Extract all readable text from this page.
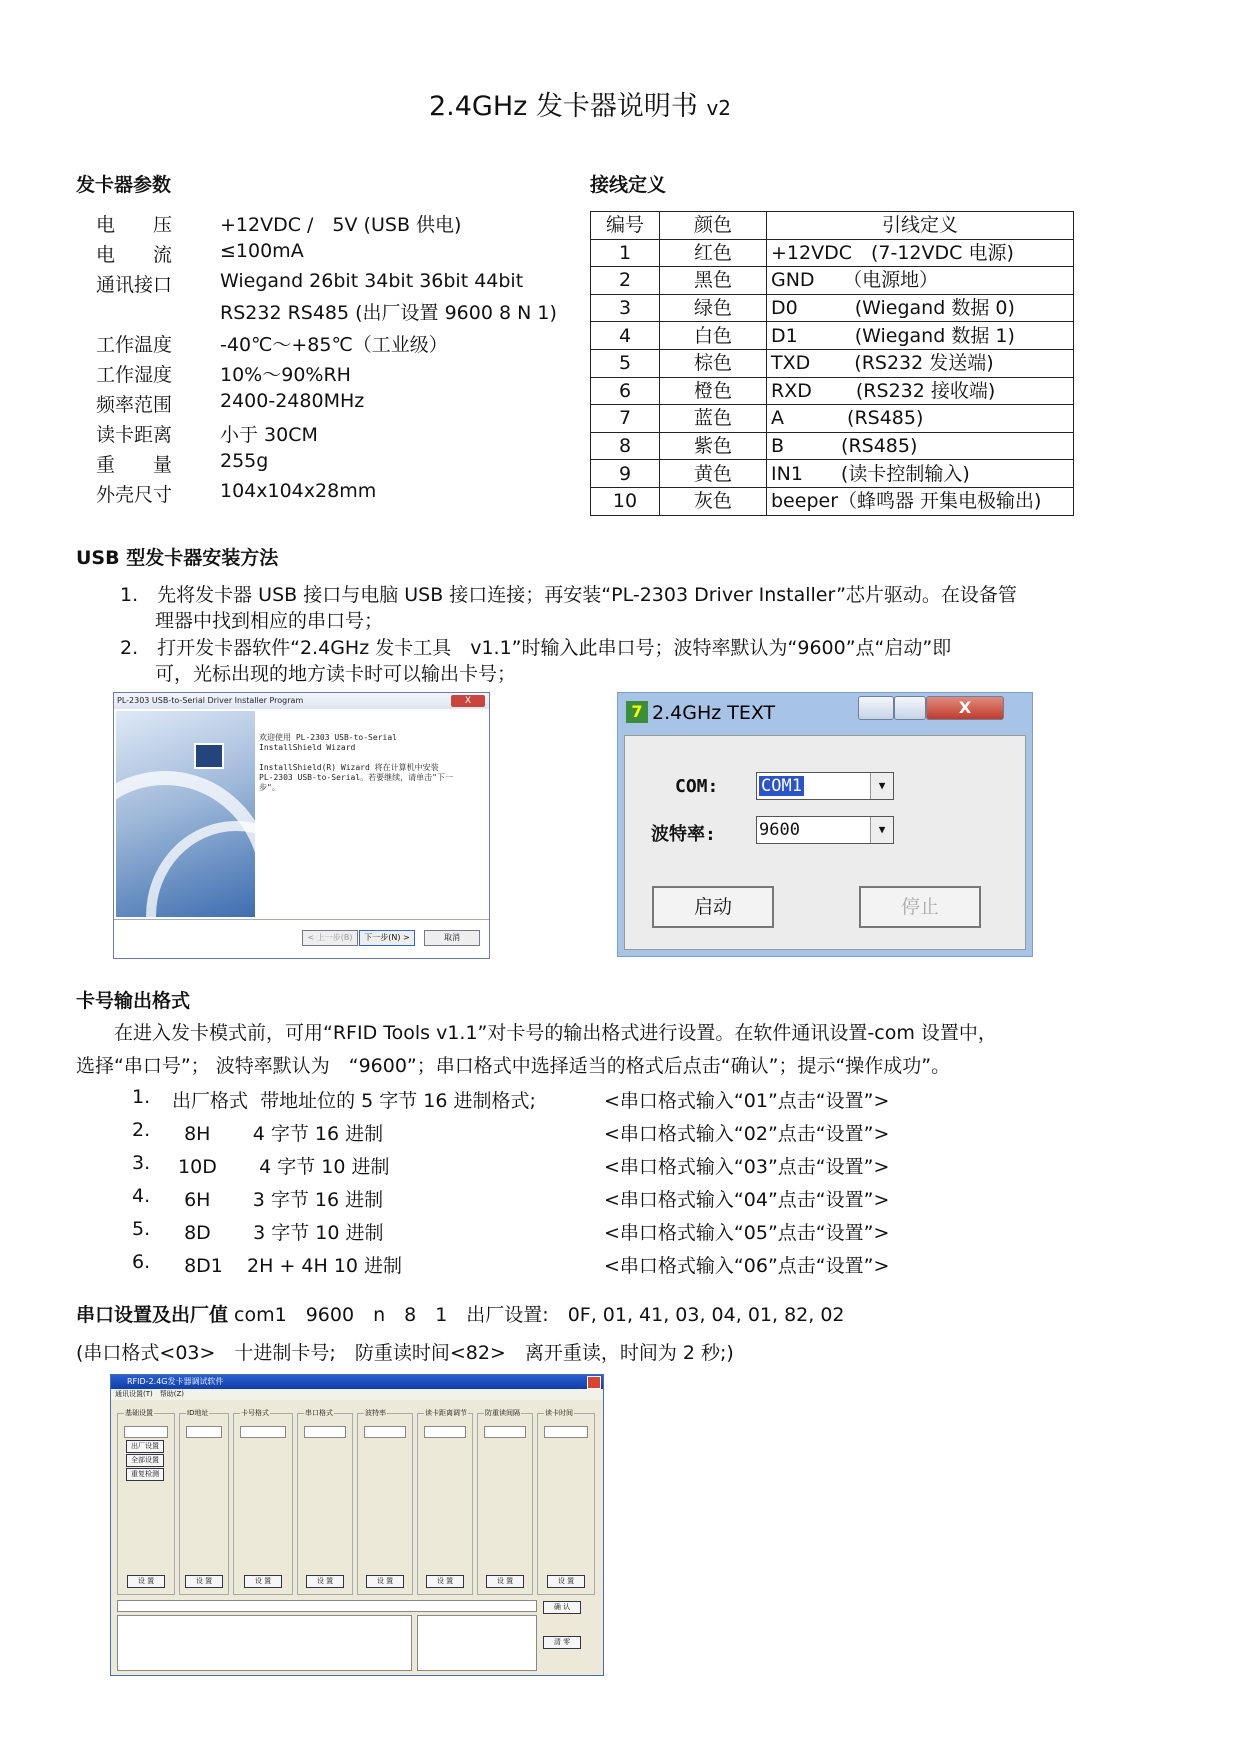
2.4GHz 发卡器说明书 v2
发卡器参数
电　　压	+12VDC /　5V (USB 供电)
电　　流	≤100mA
通讯接口	Wiegand 26bit 34bit 36bit 44bit
RS232 RS485 (出厂设置 9600 8 N 1)
工作温度	-40℃～+85℃（工业级）
工作湿度	10%～90%RH
频率范围	2400-2480MHz
读卡距离	小于 30CM
重　　量	255g
外壳尺寸	104x104x28mm
接线定义
编号	颜色	引线定义
1	红色	+12VDC　(7-12VDC 电源)
2	黑色	GND　　（电源地）
3	绿色	D0　　　(Wiegand 数据 0)
4	白色	D1　　　(Wiegand 数据 1)
5	棕色	TXD　　 (RS232 发送端)
6	橙色	RXD　　 (RS232 接收端)
7	蓝色	A　　　 (RS485)
8	紫色	B　　　(RS485)
9	黄色	IN1　　(读卡控制输入)
10	灰色	beeper（蜂鸣器 开集电极输出)
USB 型发卡器安装方法
1.　先将发卡器 USB 接口与电脑 USB 接口连接；再安装“PL-2303 Driver Installer”芯片驱动。在设备管
理器中找到相应的串口号；
2.　打开发卡器软件“2.4GHz 发卡工具　v1.1”时输入此串口号；波特率默认为“9600”点“启动”即
可，光标出现的地方读卡时可以输出卡号；
PL-2303 USB-to-Serial Driver Installer Program	X
欢迎使用 PL-2303 USB-to-Serial
InstallShield Wizard

InstallShield(R) Wizard 将在计算机中安装
PL-2303 USB-to-Serial。若要继续，请单击"下一
步"。
< 上一步(B)	下一步(N) >	取消
7 2.4GHz TEXT	X
COM:	COM1	▼
波特率:	9600	▼
启动	停止
卡号输出格式
在进入发卡模式前，可用“RFID Tools v1.1”对卡号的输出格式进行设置。在软件通讯设置-com 设置中，
选择“串口号”； 波特率默认为　“9600”；串口格式中选择适当的格式后点击“确认”；提示“操作成功”。
1. 出厂格式  带地址位的 5 字节 16 进制格式;	<串口格式输入“01”点击“设置”>
2. 8H       4 字节 16 进制	<串口格式输入“02”点击“设置”>
3. 10D       4 字节 10 进制	<串口格式输入“03”点击“设置”>
4. 6H       3 字节 16 进制	<串口格式输入“04”点击“设置”>
5. 8D       3 字节 10 进制	<串口格式输入“05”点击“设置”>
6. 8D1    2H + 4H 10 进制	<串口格式输入“06”点击“设置”>
串口设置及出厂值 com1　9600　n　8　1　出厂设置:　0F, 01, 41, 03, 04, 01, 82, 02
(串口格式<03>　十进制卡号;　防重读时间<82>　离开重读，时间为 2 秒;)
RFID-2.4G发卡器调试软件
通讯设置(T)　帮助(Z)
基础设置
设 置
出厂设置
全部设置
重复检测
ID地址
设 置
卡号格式
设 置
串口格式
设 置
波特率
设 置
读卡距离调节
设 置
防重读间隔
设 置
读卡时间
设 置
确 认
清 零
